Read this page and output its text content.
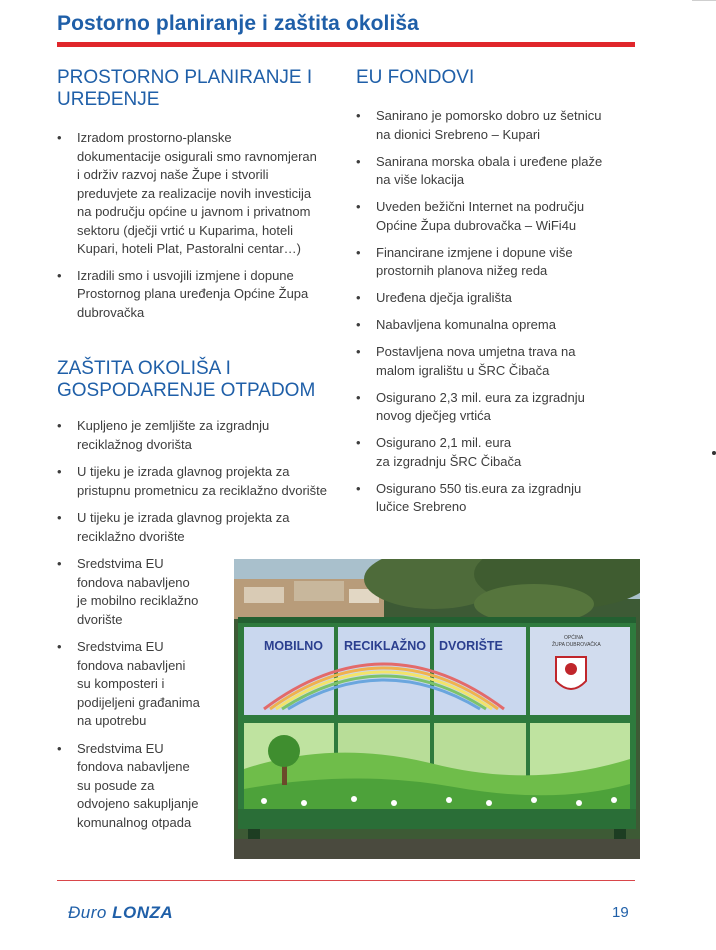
Postorno planiranje i zaštita okoliša
PROSTORNO PLANIRANJE I
UREĐENJE
• Izradom prostorno-planske
dokumentacije osigurali smo ravnomjeran
i održiv razvoj naše Župe i stvorili
preduvjete za realizacije novih investicija
na području općine u javnom i privatnom
sektoru (dječji vrtić u Kuparima, hoteli
Kupari, hoteli Plat, Pastoralni centar…)
• Izradili smo i usvojili izmjene i dopune
Prostornog plana uređenja Općine Župa
dubrovačka
ZAŠTITA OKOLIŠA I
GOSPODARENJE OTPADOM
• Kupljeno je zemljište za izgradnju
reciklažnog dvorišta
• U tijeku je izrada glavnog projekta za
pristupnu prometnicu za reciklažno dvorište
• U tijeku je izrada glavnog projekta za
reciklažno dvorište
• Sredstvima EU
fondova nabavljeno
je mobilno reciklažno
dvorište
• Sredstvima EU
fondova nabavljeni
su komposteri i
podijeljeni građanima
na upotrebu
• Sredstvima EU
fondova nabavljene
su posude za
odvojeno sakupljanje
komunalnog otpada
EU FONDOVI
• Sanirano je pomorsko dobro uz šetnicu
na dionici Srebreno – Kupari
• Sanirana morska obala i uređene plaže
na više lokacija
• Uveden bežični Internet na području
Općine Župa dubrovačka – WiFi4u
• Financirane izmjene i dopune više
prostornih planova nižeg reda
• Uređena dječja igrališta
• Nabavljena komunalna oprema
• Postavljena nova umjetna trava na
malom igralištu u ŠRC Čibača
• Osigurano 2,3 mil. eura za izgradnju
novog dječjeg vrtića
• Osigurano 2,1 mil. eura
za izgradnju ŠRC Čibača
• Osigurano 550 tis.eura za izgradnju
lučice Srebreno
MOBILNO RECIKLAŽNO DVORIŠTE
OPĆINA
ŽUPA DUBROVAČKA
Đuro LONZA	19
